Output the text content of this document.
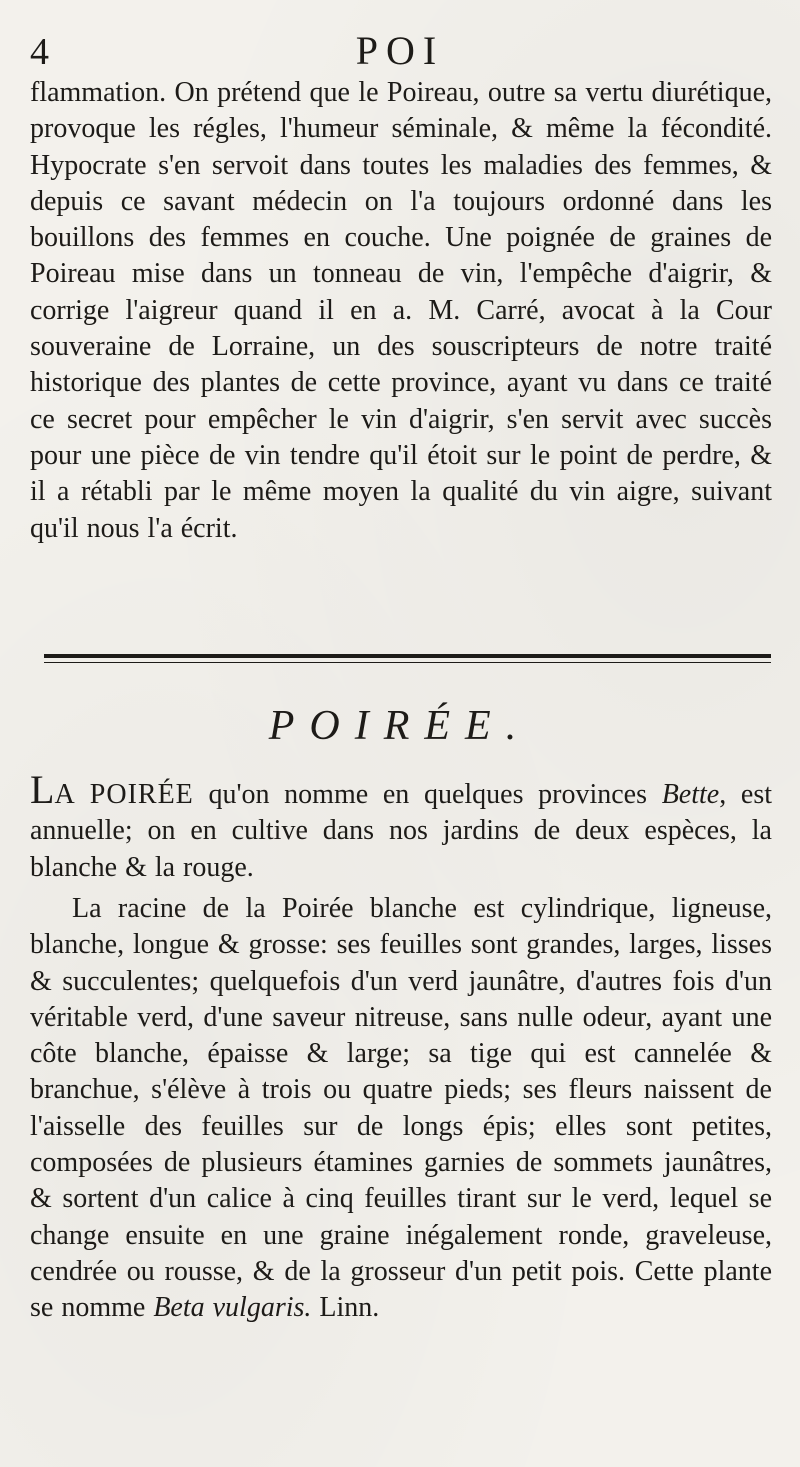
4	POI

flammation. On prétend que le Poireau, outre sa vertu diurétique, provoque les régles, l'humeur séminale, & même la fécondité. Hypocrate s'en servoit dans toutes les maladies des femmes, & depuis ce savant médecin on l'a toujours ordonné dans les bouillons des femmes en couche. Une poignée de graines de Poireau mise dans un tonneau de vin, l'empêche d'aigrir, & corrige l'aigreur quand il en a. M. Carré, avocat à la Cour souveraine de Lorraine, un des souscripteurs de notre traité historique des plantes de cette province, ayant vu dans ce traité ce secret pour empêcher le vin d'aigrir, s'en servit avec succès pour une pièce de vin tendre qu'il étoit sur le point de perdre, & il a rétabli par le même moyen la qualité du vin aigre, suivant qu'il nous l'a écrit.

POIRÉE.

LA POIRÉE qu'on nomme en quelques provinces Bette, est annuelle; on en cultive dans nos jardins de deux espèces, la blanche & la rouge.

La racine de la Poirée blanche est cylindrique, ligneuse, blanche, longue & grosse: ses feuilles sont grandes, larges, lisses & succulentes; quelquefois d'un verd jaunâtre, d'autres fois d'un véritable verd, d'une saveur nitreuse, sans nulle odeur, ayant une côte blanche, épaisse & large; sa tige qui est cannelée & branchue, s'élève à trois ou quatre pieds; ses fleurs naissent de l'aisselle des feuilles sur de longs épis; elles sont petites, composées de plusieurs étamines garnies de sommets jaunâtres, & sortent d'un calice à cinq feuilles tirant sur le verd, lequel se change ensuite en une graine inégalement ronde, graveleuse, cendrée ou rousse, & de la grosseur d'un petit pois. Cette plante se nomme Beta vulgaris. Linn.
